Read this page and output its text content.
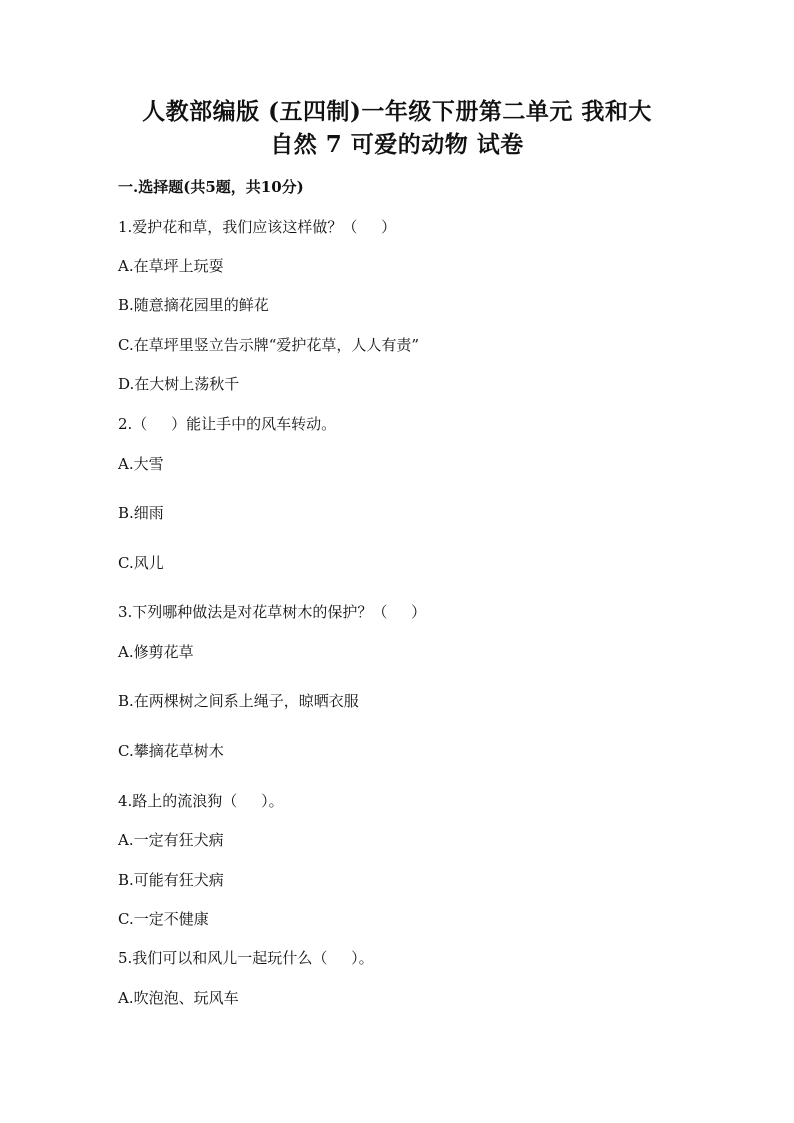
人教部编版 (五四制)一年级下册第二单元 我和大
自然 7 可爱的动物 试卷
一.选择题(共5题，共10分)
1.爱护花和草，我们应该这样做？（     ）
A.在草坪上玩耍
B.随意摘花园里的鲜花
C.在草坪里竖立告示牌“爱护花草，人人有责”
D.在大树上荡秋千
2.（     ）能让手中的风车转动。
A.大雪
B.细雨
C.风儿
3.下列哪种做法是对花草树木的保护？（     ）
A.修剪花草
B.在两棵树之间系上绳子，晾晒衣服
C.攀摘花草树木
4.路上的流浪狗（     ）。
A.一定有狂犬病
B.可能有狂犬病
C.一定不健康
5.我们可以和风儿一起玩什么（     ）。
A.吹泡泡、玩风车
